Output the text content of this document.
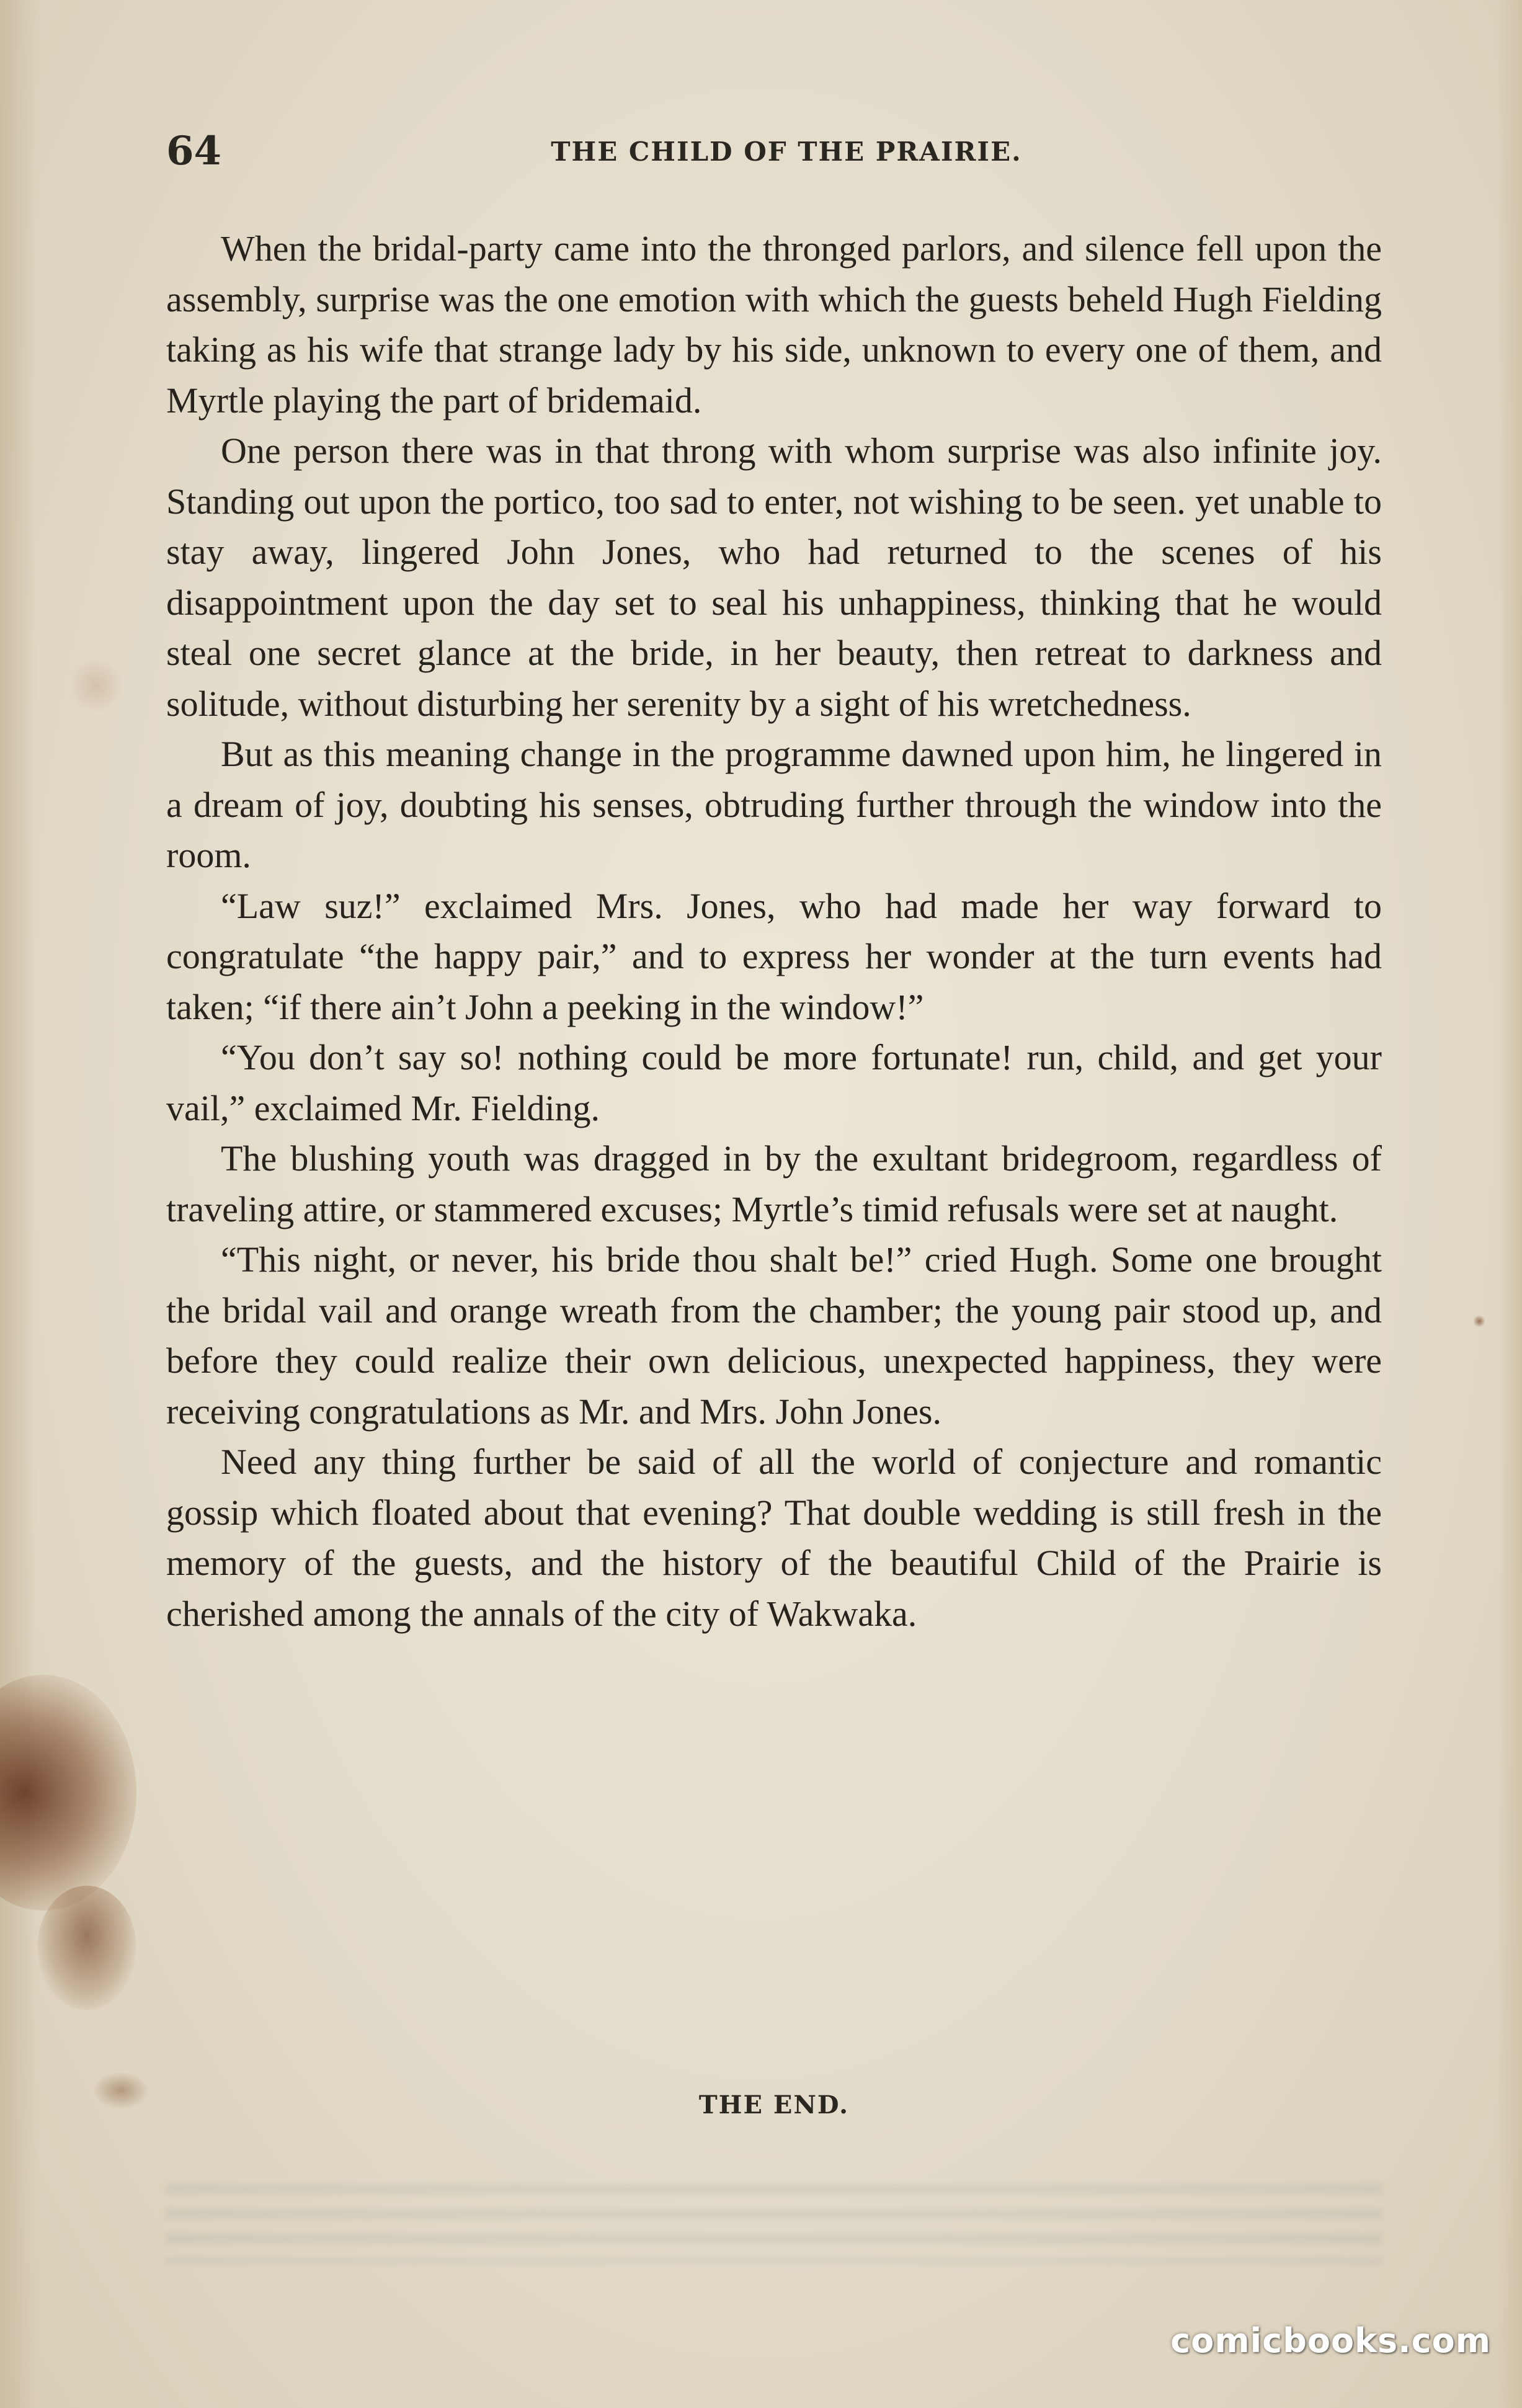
64	THE CHILD OF THE PRAIRIE.

When the bridal-party came into the thronged parlors, and silence fell upon the assembly, surprise was the one emotion with which the guests beheld Hugh Fielding taking as his wife that strange lady by his side, unknown to every one of them, and Myrtle playing the part of bridemaid.

One person there was in that throng with whom surprise was also infinite joy. Standing out upon the portico, too sad to enter, not wishing to be seen. yet unable to stay away, lingered John Jones, who had returned to the scenes of his disappointment upon the day set to seal his unhappiness, thinking that he would steal one secret glance at the bride, in her beauty, then retreat to darkness and solitude, without disturbing her serenity by a sight of his wretchedness.

But as this meaning change in the programme dawned upon him, he lingered in a dream of joy, doubting his senses, obtruding further through the window into the room.

“Law suz!” exclaimed Mrs. Jones, who had made her way forward to congratulate “the happy pair,” and to express her wonder at the turn events had taken; “if there ain’t John a peeking in the window!”

“You don’t say so! nothing could be more fortunate! run, child, and get your vail,” exclaimed Mr. Fielding.

The blushing youth was dragged in by the exultant bridegroom, regardless of traveling attire, or stammered excuses; Myrtle’s timid refusals were set at naught.

“This night, or never, his bride thou shalt be!” cried Hugh. Some one brought the bridal vail and orange wreath from the chamber; the young pair stood up, and before they could realize their own delicious, unexpected happiness, they were receiving congratulations as Mr. and Mrs. John Jones.

Need any thing further be said of all the world of conjecture and romantic gossip which floated about that evening? That double wedding is still fresh in the memory of the guests, and the history of the beautiful Child of the Prairie is cherished among the annals of the city of Wakwaka.

THE END.
comicbooks.com
